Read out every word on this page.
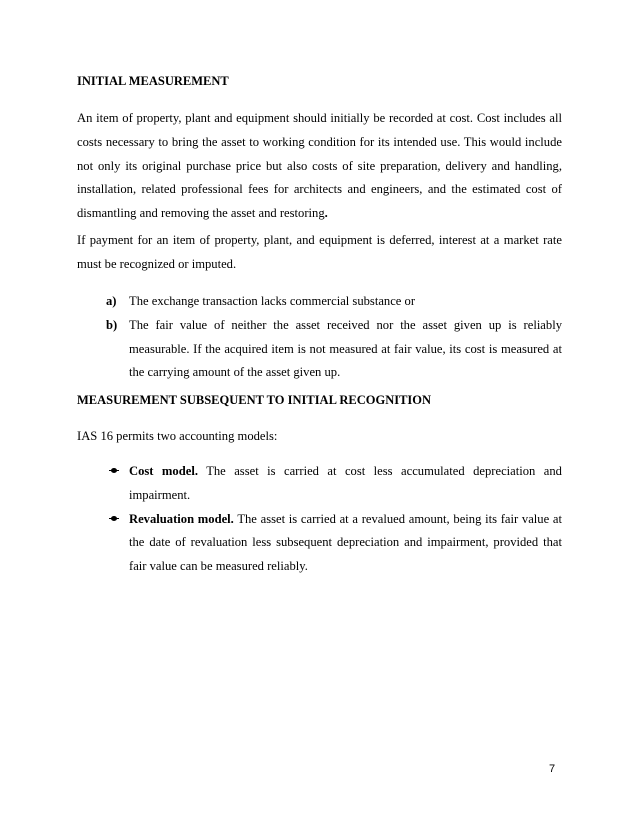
INITIAL MEASUREMENT
An item of property, plant and equipment should initially be recorded at cost. Cost includes all costs necessary to bring the asset to working condition for its intended use. This would include not only its original purchase price but also costs of site preparation, delivery and handling, installation, related professional fees for architects and engineers, and the estimated cost of dismantling and removing the asset and restoring.
If payment for an item of property, plant, and equipment is deferred, interest at a market rate must be recognized or imputed.
a) The exchange transaction lacks commercial substance or
b) The fair value of neither the asset received nor the asset given up is reliably measurable. If the acquired item is not measured at fair value, its cost is measured at the carrying amount of the asset given up.
MEASUREMENT SUBSEQUENT TO INITIAL RECOGNITION
IAS 16 permits two accounting models:
Cost model. The asset is carried at cost less accumulated depreciation and impairment.
Revaluation model. The asset is carried at a revalued amount, being its fair value at the date of revaluation less subsequent depreciation and impairment, provided that fair value can be measured reliably.
7
